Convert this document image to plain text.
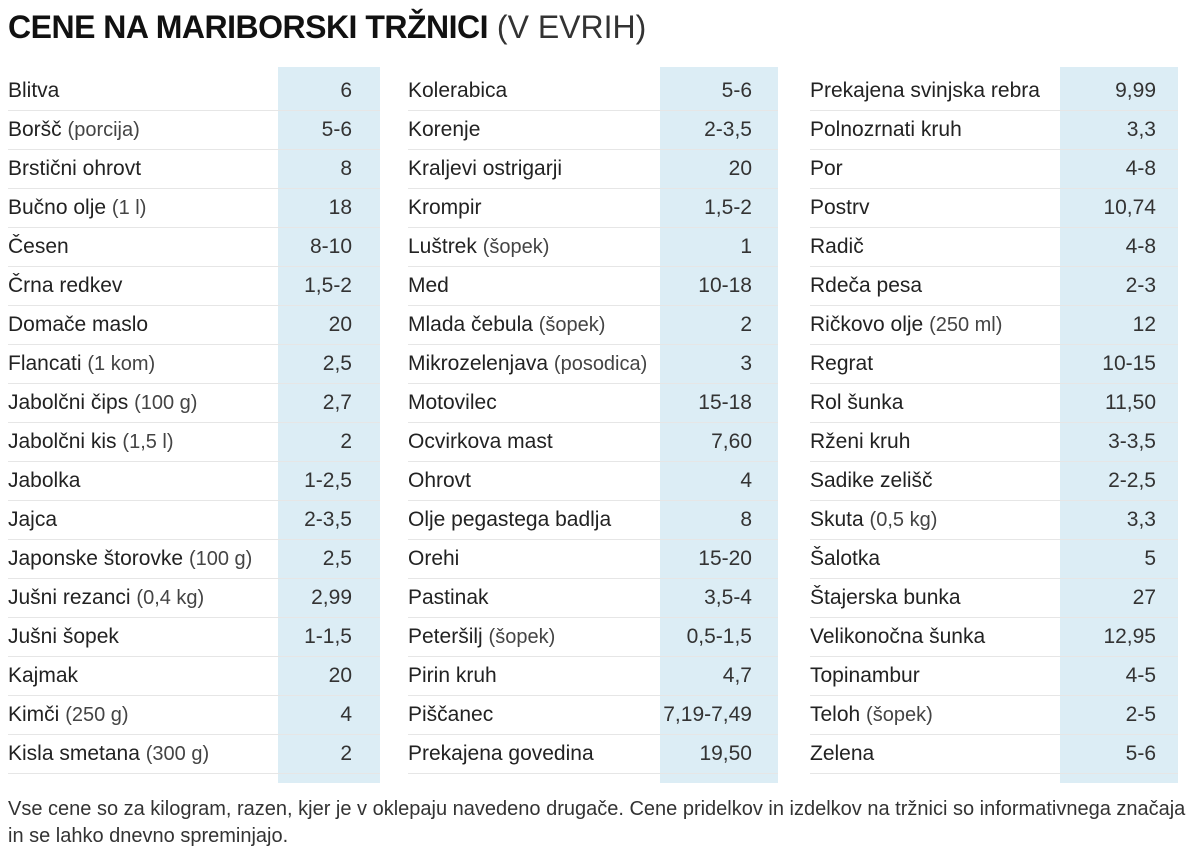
CENE NA MARIBORSKI TRŽNICI (V EVRIH)
Blitva	6
Boršč (porcija)	5-6
Brstični ohrovt	8
Bučno olje (1 l)	18
Česen	8-10
Črna redkev	1,5-2
Domače maslo	20
Flancati (1 kom)	2,5
Jabolčni čips (100 g)	2,7
Jabolčni kis (1,5 l)	2
Jabolka	1-2,5
Jajca	2-3,5
Japonske štorovke (100 g)	2,5
Jušni rezanci (0,4 kg)	2,99
Jušni šopek	1-1,5
Kajmak	20
Kimči (250 g)	4
Kisla smetana (300 g)	2
Kolerabica	5-6
Korenje	2-3,5
Kraljevi ostrigarji	20
Krompir	1,5-2
Luštrek (šopek)	1
Med	10-18
Mlada čebula (šopek)	2
Mikrozelenjava (posodica)	3
Motovilec	15-18
Ocvirkova mast	7,60
Ohrovt	4
Olje pegastega badlja	8
Orehi	15-20
Pastinak	3,5-4
Peteršilj (šopek)	0,5-1,5
Pirin kruh	4,7
Piščanec	7,19-7,49
Prekajena govedina	19,50
Prekajena svinjska rebra	9,99
Polnozrnati kruh	3,3
Por	4-8
Postrv	10,74
Radič	4-8
Rdeča pesa	2-3
Ričkovo olje (250 ml)	12
Regrat	10-15
Rol šunka	11,50
Rženi kruh	3-3,5
Sadike zelišč	2-2,5
Skuta (0,5 kg)	3,3
Šalotka	5
Štajerska bunka	27
Velikonočna šunka	12,95
Topinambur	4-5
Teloh (šopek)	2-5
Zelena	5-6
Vse cene so za kilogram, razen, kjer je v oklepaju navedeno drugače. Cene pridelkov in izdelkov na tržnici so informativnega značaja in se lahko dnevno spreminjajo.
